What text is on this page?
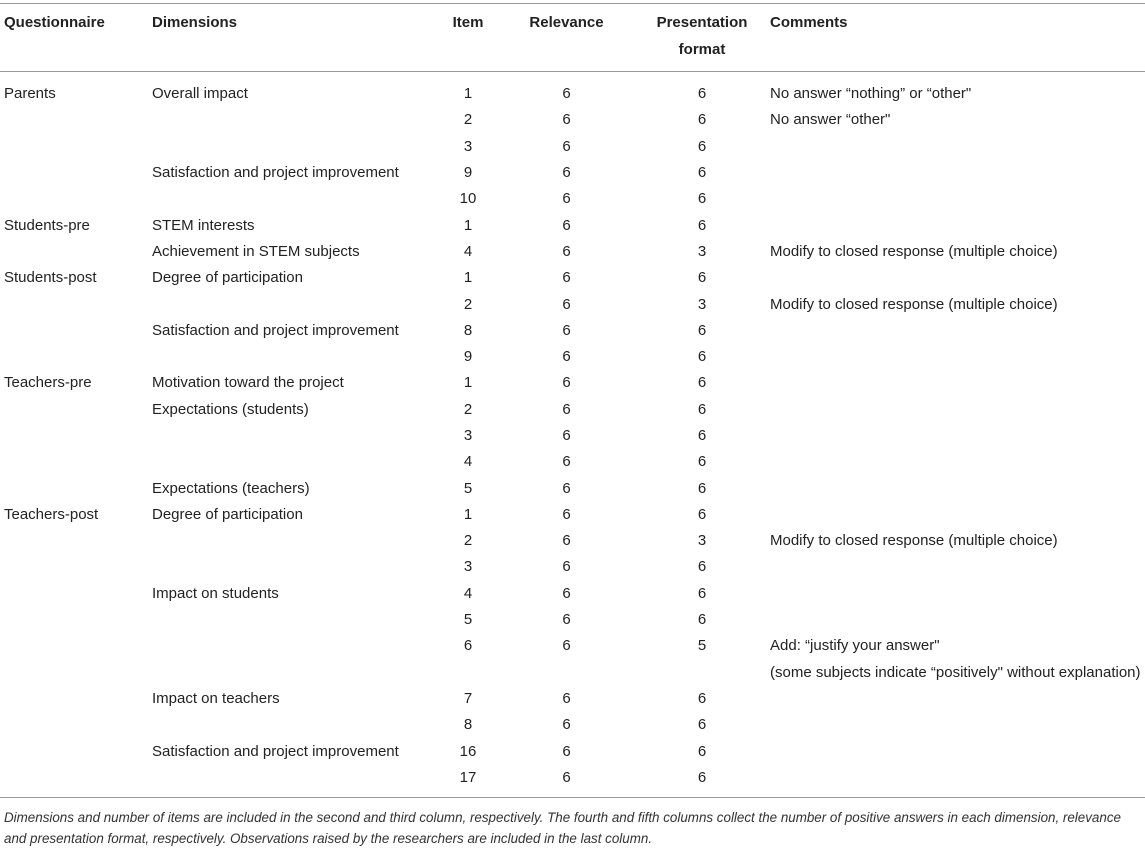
Questionnaire	Dimensions	Item	Relevance	Presentation format	Comments
Parents	Overall impact	1	6	6	No answer “nothing” or “other"
		2	6	6	No answer “other"
		3	6	6	
	Satisfaction and project improvement	9	6	6	
		10	6	6	
Students-pre	STEM interests	1	6	6	
	Achievement in STEM subjects	4	6	3	Modify to closed response (multiple choice)
Students-post	Degree of participation	1	6	6	
		2	6	3	Modify to closed response (multiple choice)
	Satisfaction and project improvement	8	6	6	
		9	6	6	
Teachers-pre	Motivation toward the project	1	6	6	
	Expectations (students)	2	6	6	
		3	6	6	
		4	6	6	
	Expectations (teachers)	5	6	6	
Teachers-post	Degree of participation	1	6	6	
		2	6	3	Modify to closed response (multiple choice)
		3	6	6	
	Impact on students	4	6	6	
		5	6	6	
		6	6	5	Add: “justify your answer"
					(some subjects indicate “positively" without explanation)
	Impact on teachers	7	6	6	
		8	6	6	
	Satisfaction and project improvement	16	6	6	
		17	6	6	
Dimensions and number of items are included in the second and third column, respectively. The fourth and fifth columns collect the number of positive answers in each dimension, relevance and presentation format, respectively. Observations raised by the researchers are included in the last column.
